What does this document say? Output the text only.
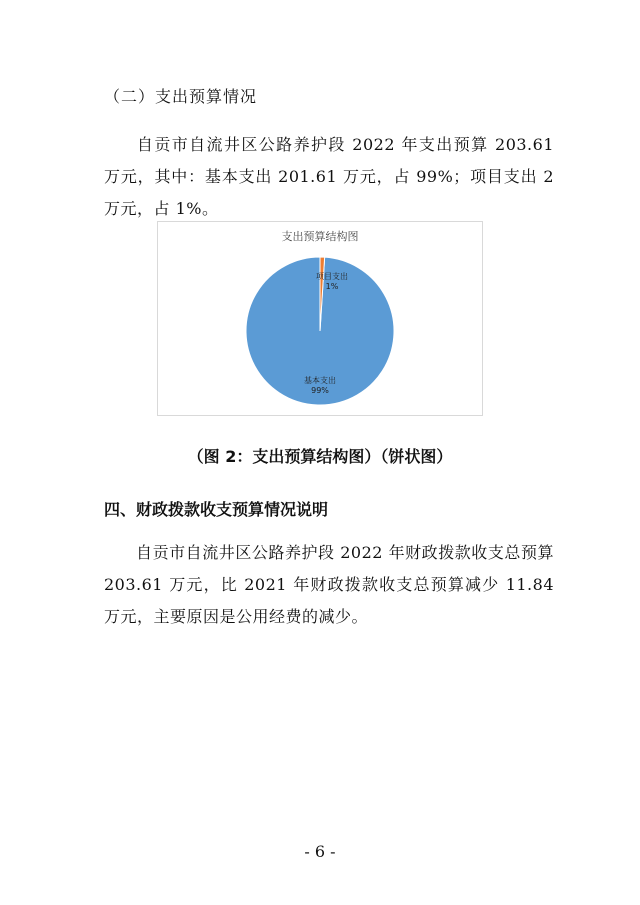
（二）支出预算情况
自贡市自流井区公路养护段 2022 年支出预算 203.61 万元，其中：基本支出 201.61 万元，占 99%；项目支出 2 万元，占 1%。
支出预算结构图
基本支出
99%
项目支出
1%
（图 2：支出预算结构图）（饼状图）
四、财政拨款收支预算情况说明
自贡市自流井区公路养护段 2022 年财政拨款收支总预算 203.61 万元，比 2021 年财政拨款收支总预算减少 11.84 万元，主要原因是公用经费的减少。
- 6 -
